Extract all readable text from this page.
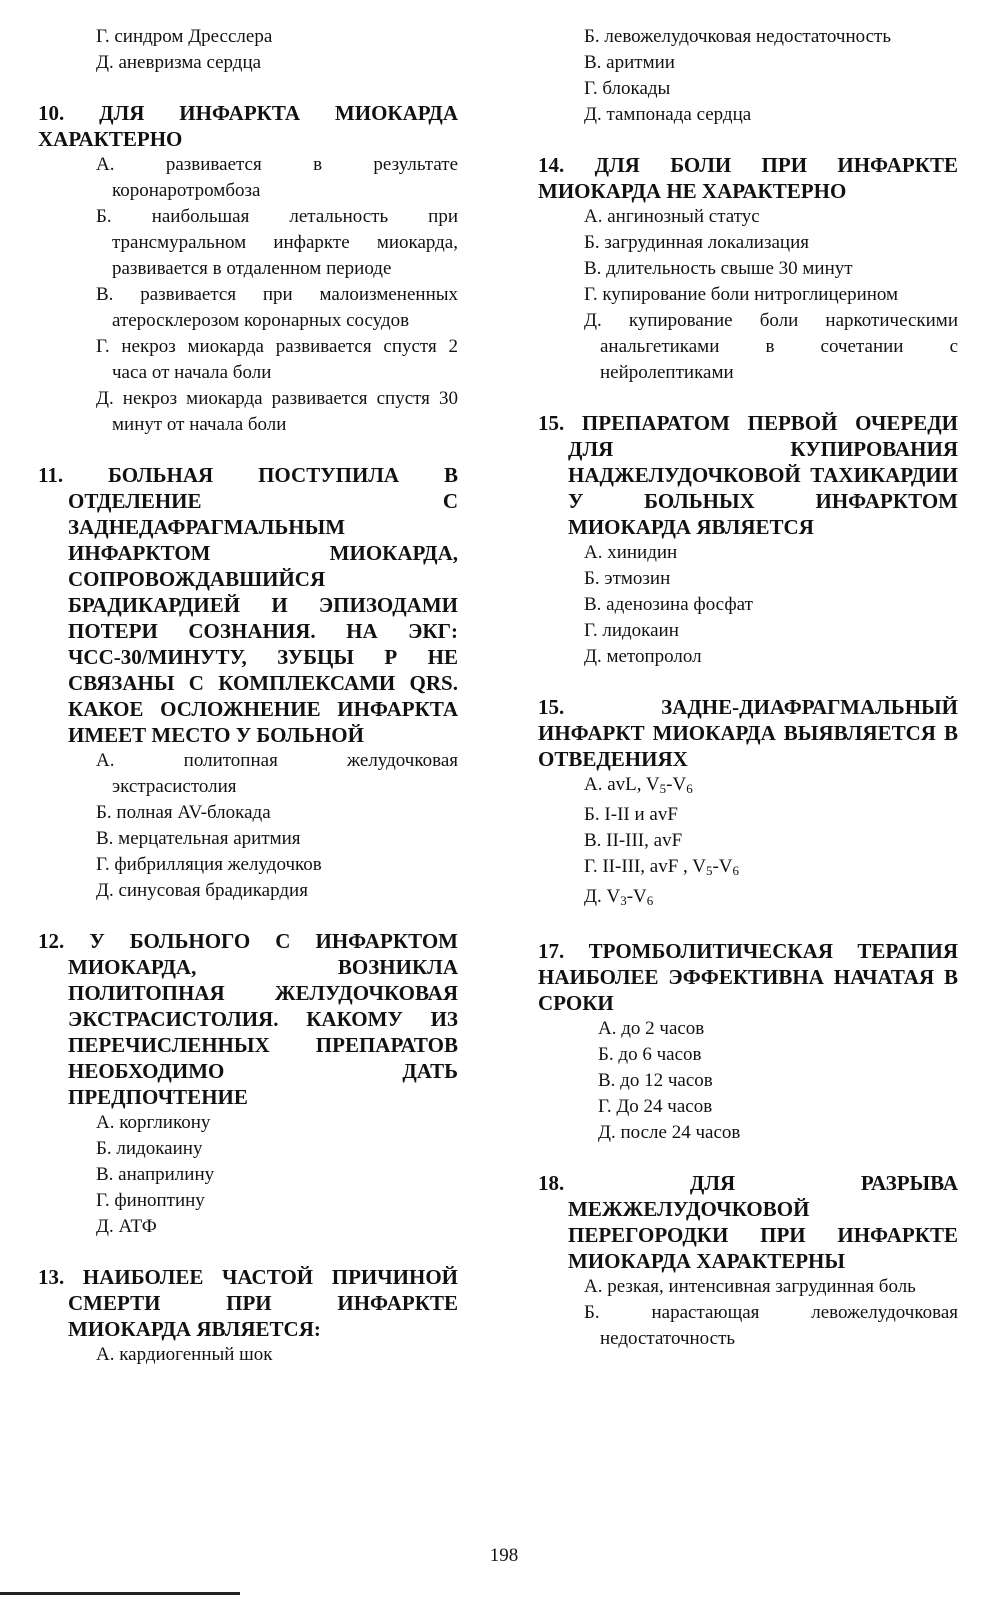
Г. синдром Дресслера
Д. аневризма сердца

10. ДЛЯ ИНФАРКТА МИОКАРДА ХАРАКТЕРНО

А. развивается в результате коронаротромбоза
Б. наибольшая летальность при трансмуральном инфаркте миокарда, развивается в отдаленном периоде
В. развивается при малоизмененных атеросклерозом коронарных сосудов
Г. некроз миокарда развивается спустя 2 часа от начала боли
Д. некроз миокарда развивается спустя 30 минут от начала боли

11. БОЛЬНАЯ ПОСТУПИЛА В ОТДЕЛЕНИЕ С ЗАДНЕДАФРАГМАЛЬНЫМ ИНФАРКТОМ МИОКАРДА, СОПРОВОЖДАВШИЙСЯ БРАДИКАРДИЕЙ И ЭПИЗОДАМИ ПОТЕРИ СОЗНАНИЯ. НА ЭКГ: ЧСС-30/МИНУТУ, ЗУБЦЫ Р НЕ СВЯЗАНЫ С КОМПЛЕКСАМИ QRS. КАКОЕ ОСЛОЖНЕНИЕ ИНФАРКТА ИМЕЕТ МЕСТО У БОЛЬНОЙ

А. политопная желудочковая экстрасистолия
Б. полная AV-блокада
В. мерцательная аритмия
Г. фибрилляция желудочков
Д. синусовая брадикардия

12. У БОЛЬНОГО С ИНФАРКТОМ МИОКАРДА, ВОЗНИКЛА ПОЛИТОПНАЯ ЖЕЛУДОЧКОВАЯ ЭКСТРАСИСТОЛИЯ. КАКОМУ ИЗ ПЕРЕЧИСЛЕННЫХ ПРЕПАРАТОВ НЕОБХОДИМО ДАТЬ ПРЕДПОЧТЕНИЕ

А. коргликону
Б. лидокаину
В. анаприлину
Г. финоптину
Д. АТФ

13. НАИБОЛЕЕ ЧАСТОЙ ПРИЧИНОЙ СМЕРТИ ПРИ ИНФАРКТЕ МИОКАРДА ЯВЛЯЕТСЯ:

А. кардиогенный шок
Б. левожелудочковая недостаточность
В. аритмии
Г. блокады
Д. тампонада сердца

14. ДЛЯ БОЛИ ПРИ ИНФАРКТЕ МИОКАРДА НЕ ХАРАКТЕРНО

А. ангинозный статус
Б. загрудинная локализация
В. длительность свыше 30 минут
Г. купирование боли нитроглицерином
Д. купирование боли наркотическими анальгетиками в сочетании с нейролептиками

15. ПРЕПАРАТОМ ПЕРВОЙ ОЧЕРЕДИ ДЛЯ КУПИРОВАНИЯ НАДЖЕЛУДОЧКОВОЙ ТАХИКАРДИИ У БОЛЬНЫХ ИНФАРКТОМ МИОКАРДА ЯВЛЯЕТСЯ

А. хинидин
Б. этмозин
В. аденозина фосфат
Г. лидокаин
Д. метопролол

15. ЗАДНЕ-ДИАФРАГМАЛЬНЫЙ ИНФАРКТ МИОКАРДА ВЫЯВЛЯЕТСЯ В ОТВЕДЕНИЯХ

А. avL, $V_5-V_6$
Б. I-II и avF
В. II-III, avF
Г. II-III, avF , $V_5-V_6$
Д. $V_3-V_6$

17. ТРОМБОЛИТИЧЕСКАЯ ТЕРАПИЯ НАИБОЛЕЕ ЭФФЕКТИВНА НАЧАТАЯ В СРОКИ

А. до 2 часов
Б. до 6 часов
В. до 12 часов
Г. До 24 часов
Д. после 24 часов

18. ДЛЯ РАЗРЫВА МЕЖЖЕЛУДОЧКОВОЙ ПЕРЕГОРОДКИ ПРИ ИНФАРКТЕ МИОКАРДА ХАРАКТЕРНЫ

А. резкая, интенсивная загрудинная боль
Б. нарастающая левожелудочковая недостаточность
198
